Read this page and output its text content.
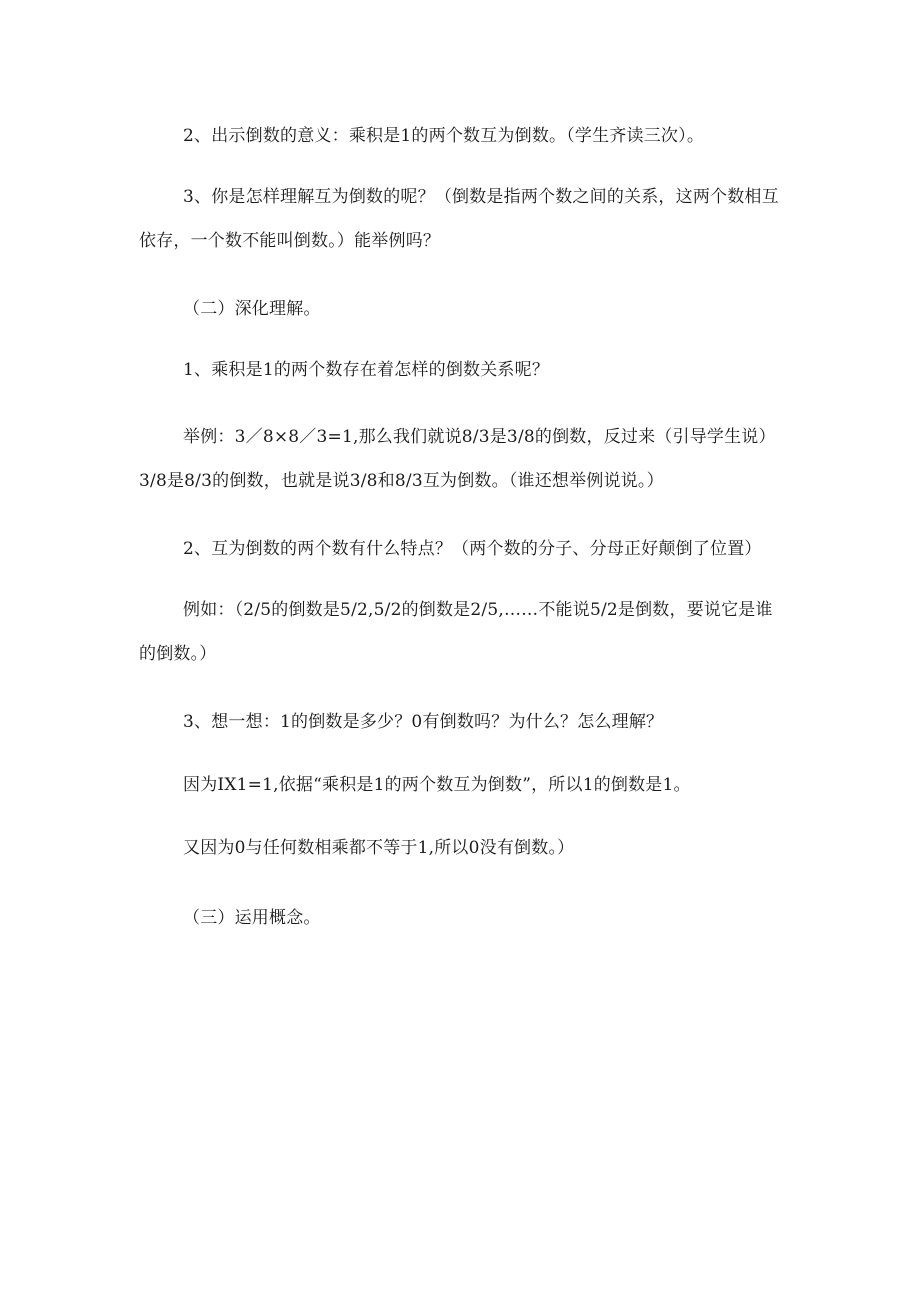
2、出示倒数的意义：乘积是1的两个数互为倒数。（学生齐读三次）。

3、你是怎样理解互为倒数的呢？（倒数是指两个数之间的关系，这两个数相互依存，一个数不能叫倒数。）能举例吗？

（二）深化理解。

1、乘积是1的两个数存在着怎样的倒数关系呢？

举例：3／8×8／3=1,那么我们就说8/3是3/8的倒数，反过来（引导学生说）3/8是8/3的倒数，也就是说3/8和8/3互为倒数。（谁还想举例说说。）

2、互为倒数的两个数有什么特点？（两个数的分子、分母正好颠倒了位置）

例如：（2/5的倒数是5/2,5/2的倒数是2/5,……不能说5/2是倒数，要说它是谁的倒数。）

3、想一想：1的倒数是多少？0有倒数吗？为什么？怎么理解？

因为IX1=1,依据“乘积是1的两个数互为倒数”，所以1的倒数是1。

又因为0与任何数相乘都不等于1,所以0没有倒数。）

（三）运用概念。
